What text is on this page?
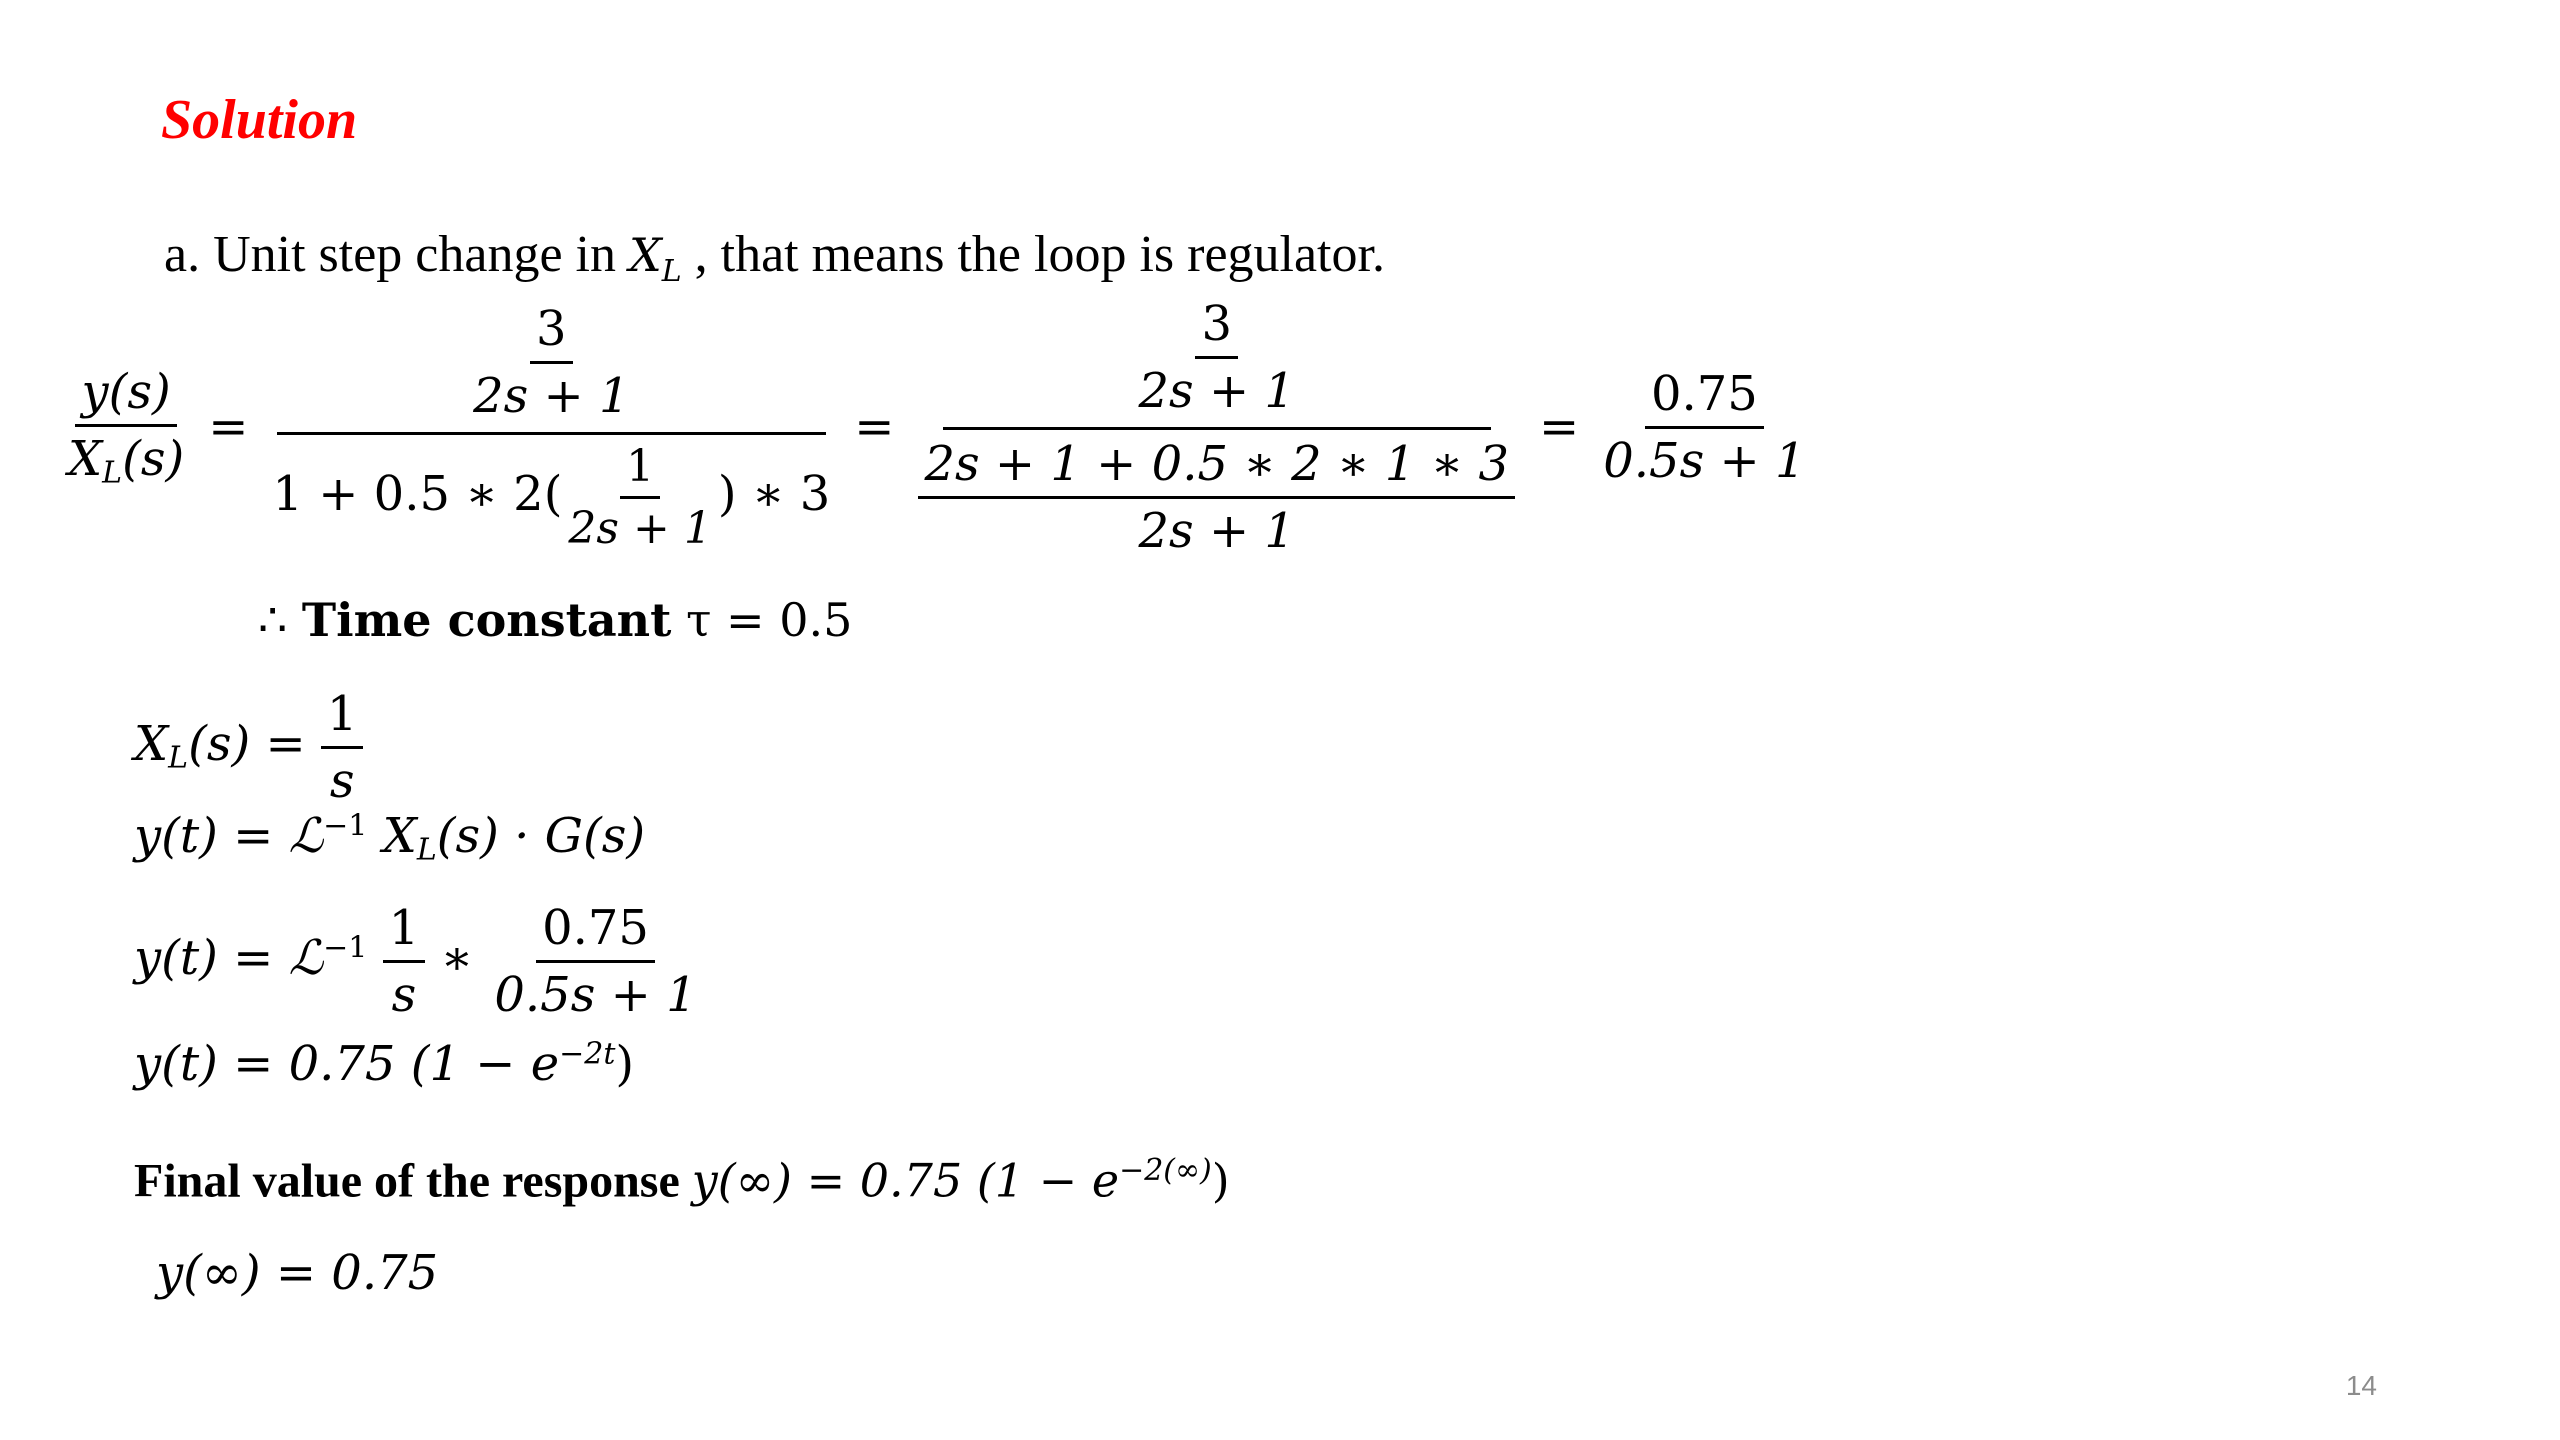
Solution
a. Unit step change in $X_L$ , that means the loop is regulator.
$\frac{y(s)}{X_L(s)} = \frac{\frac{3}{2s + 1}}{1 + 0.5 ∗ 2( \frac{1}{2s + 1} ) ∗ 3} = \frac{\frac{3}{2s + 1}}{\frac{2s + 1 + 0.5 ∗ 2 ∗ 1 ∗ 3}{2s + 1}} = \frac{0.75}{0.5s + 1}$
∴ Time constant τ = 0.5
$X_L(s) = \frac{1}{s}$
y(t) = ℒ$^{-1}$ $X_L(s) \cdot G(s)$
y(t) = ℒ$^{-1}$ $\frac{1}{s}$ ∗ $\frac{0.75}{0.5s + 1}$
y(t) = 0.75 $(1 - e^{-2t})$
Final value of the response y(∞) = 0.75 $(1 - e^{-2(\infty)})$
y(∞) = 0.75
14
